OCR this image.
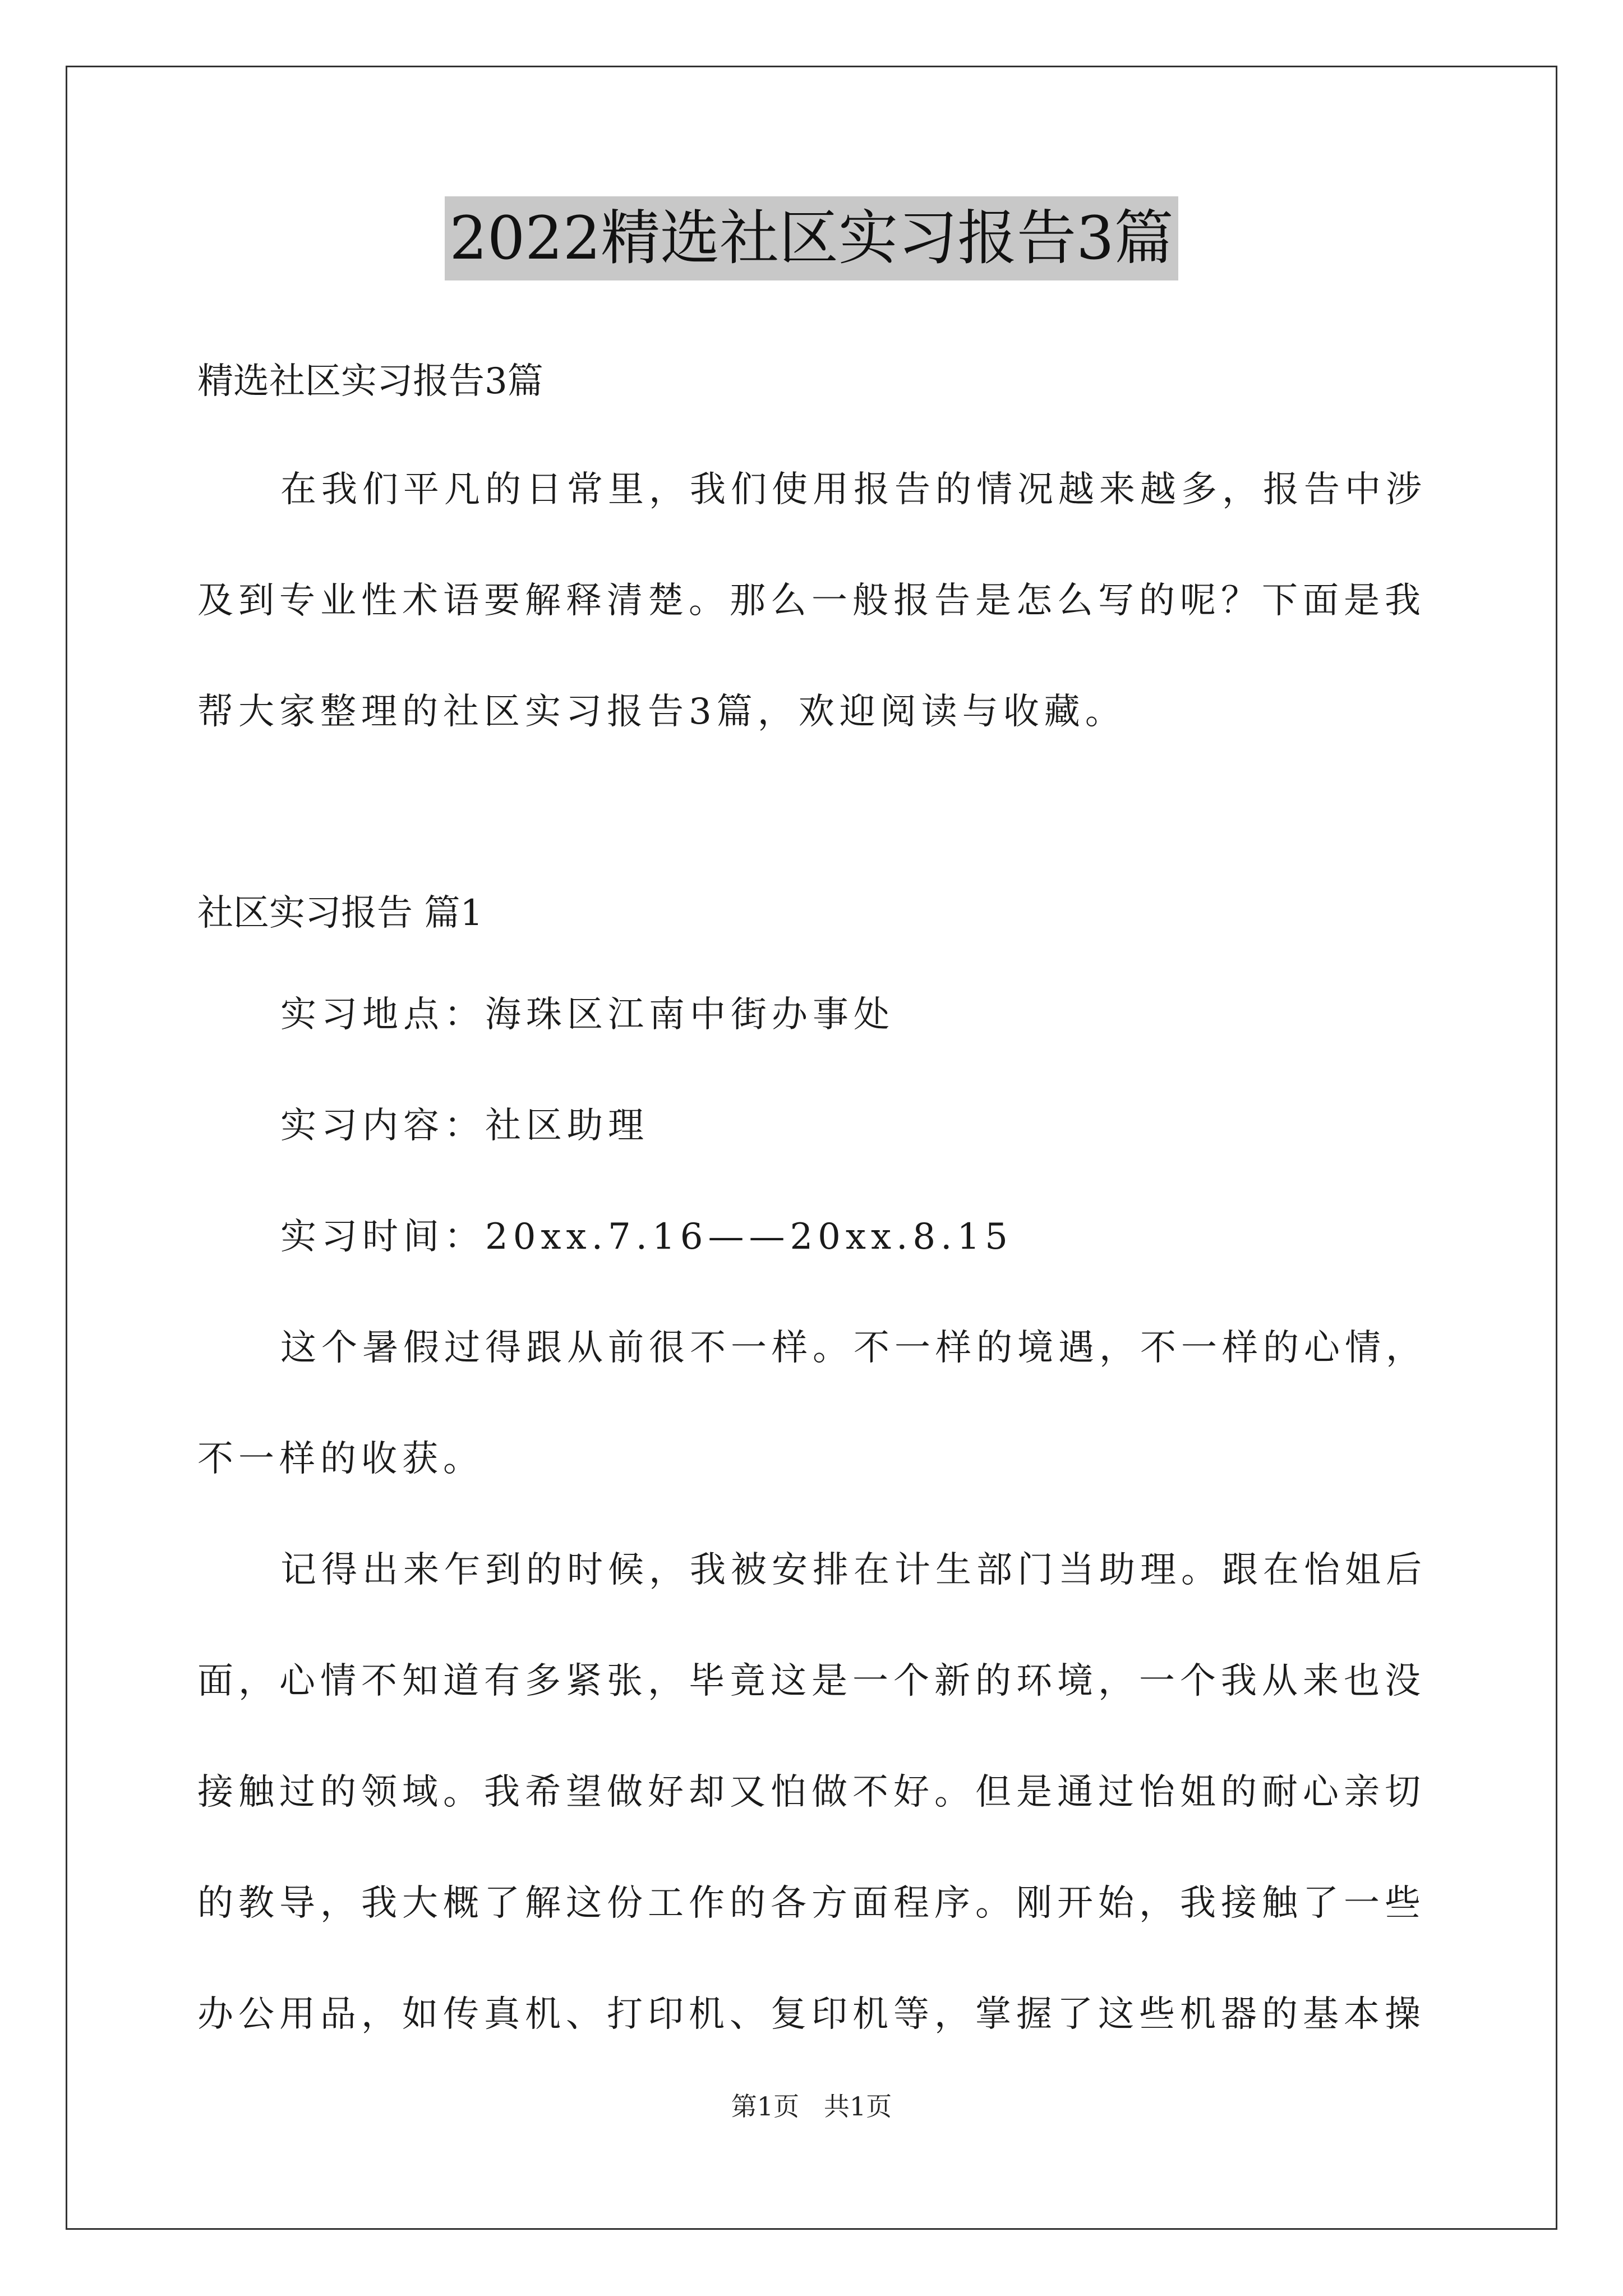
2022精选社区实习报告3篇

精选社区实习报告3篇

在我们平凡的日常里，我们使用报告的情况越来越多，报告中涉
及到专业性术语要解释清楚。那么一般报告是怎么写的呢？下面是我
帮大家整理的社区实习报告3篇，欢迎阅读与收藏。

社区实习报告 篇1

实习地点：海珠区江南中街办事处
实习内容：社区助理
实习时间：20xx.7.16——20xx.8.15
这个暑假过得跟从前很不一样。不一样的境遇，不一样的心情，
不一样的收获。
记得出来乍到的时候，我被安排在计生部门当助理。跟在怡姐后
面，心情不知道有多紧张，毕竟这是一个新的环境，一个我从来也没
接触过的领域。我希望做好却又怕做不好。但是通过怡姐的耐心亲切
的教导，我大概了解这份工作的各方面程序。刚开始，我接触了一些
办公用品，如传真机、打印机、复印机等，掌握了这些机器的基本操
第1页   共1页
